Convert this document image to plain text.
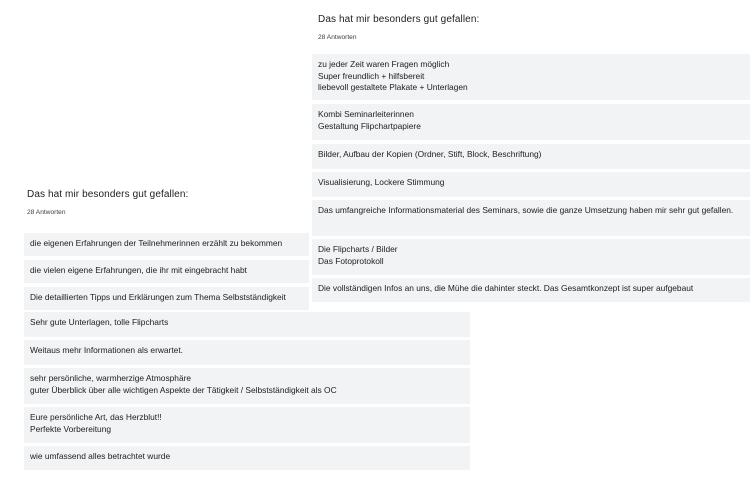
Das hat mir besonders gut gefallen:
28 Antworten
die eigenen Erfahrungen der Teilnehmerinnen erzählt zu bekommen
die vielen eigene Erfahrungen, die ihr mit eingebracht habt
Die detaillierten Tipps und Erklärungen zum Thema Selbstständigkeit
Sehr gute Unterlagen, tolle Flipcharts
Weitaus mehr Informationen als erwartet.
sehr persönliche, warmherzige Atmosphäre
guter Überblick über alle wichtigen Aspekte der Tätigkeit / Selbstständigkeit als OC
Eure persönliche Art, das Herzblut!!
Perfekte Vorbereitung
wie umfassend alles betrachtet wurde
Das hat mir besonders gut gefallen:
28 Antworten
zu jeder Zeit waren Fragen möglich
Super freundlich + hilfsbereit
liebevoll gestaltete Plakate + Unterlagen
Kombi Seminarleiterinnen
Gestaltung Flipchartpapiere
Bilder, Aufbau der Kopien (Ordner, Stift, Block, Beschriftung)
Visualisierung, Lockere Stimmung
Das umfangreiche Informationsmaterial des Seminars, sowie die ganze Umsetzung haben mir sehr gut gefallen.
Die Flipcharts / Bilder
Das Fotoprotokoll
Die vollständigen Infos an uns, die Mühe die dahinter steckt. Das Gesamtkonzept ist super aufgebaut
